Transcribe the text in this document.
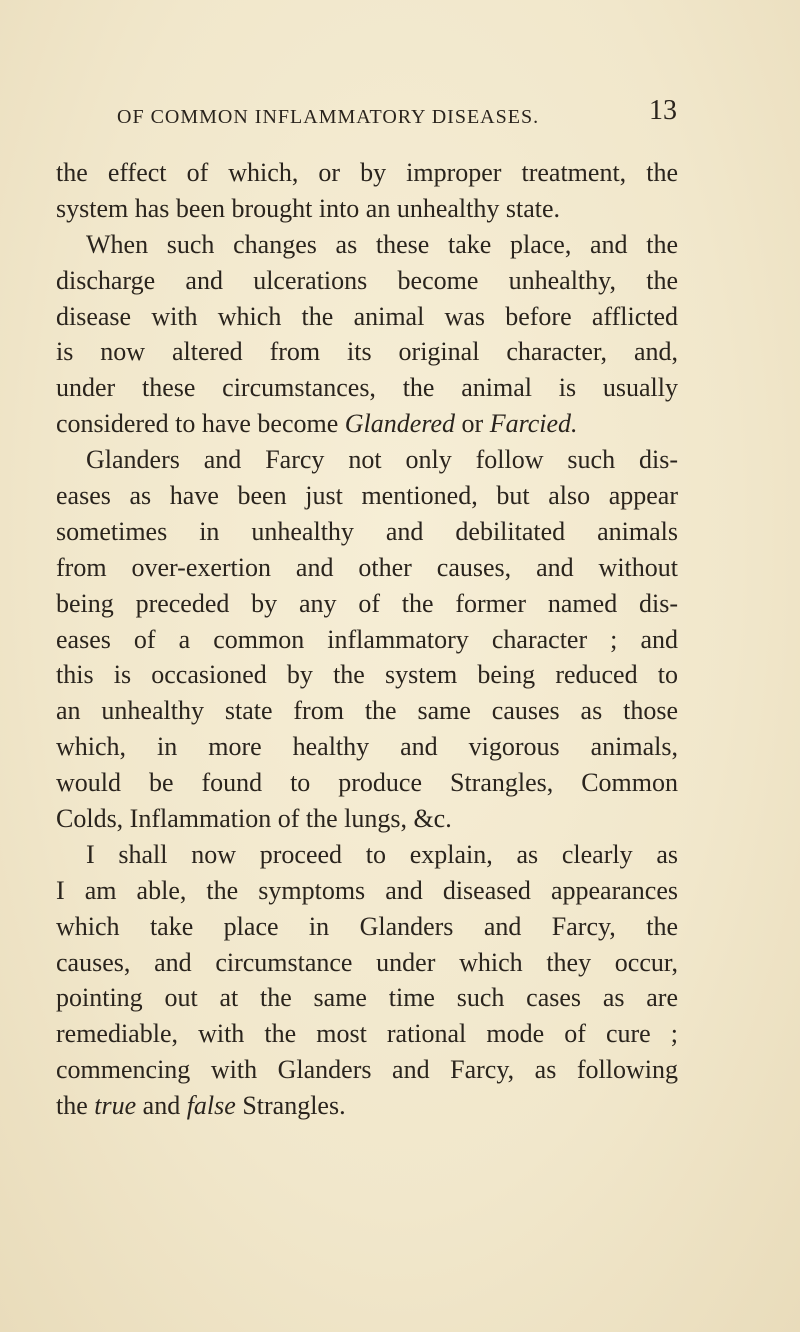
OF COMMON INFLAMMATORY DISEASES.	13
the effect of which, or by improper treatment, the
system has been brought into an unhealthy state.
When such changes as these take place, and the
discharge and ulcerations become unhealthy, the
disease with which the animal was before afflicted
is now altered from its original character, and,
under these circumstances, the animal is usually
considered to have become Glandered or Farcied.
Glanders and Farcy not only follow such dis-
eases as have been just mentioned, but also appear
sometimes in unhealthy and debilitated animals
from over-exertion and other causes, and without
being preceded by any of the former named dis-
eases of a common inflammatory character ; and
this is occasioned by the system being reduced to
an unhealthy state from the same causes as those
which, in more healthy and vigorous animals,
would be found to produce Strangles, Common
Colds, Inflammation of the lungs, &c.
I shall now proceed to explain, as clearly as
I am able, the symptoms and diseased appearances
which take place in Glanders and Farcy, the
causes, and circumstance under which they occur,
pointing out at the same time such cases as are
remediable, with the most rational mode of cure ;
commencing with Glanders and Farcy, as following
the true and false Strangles.
